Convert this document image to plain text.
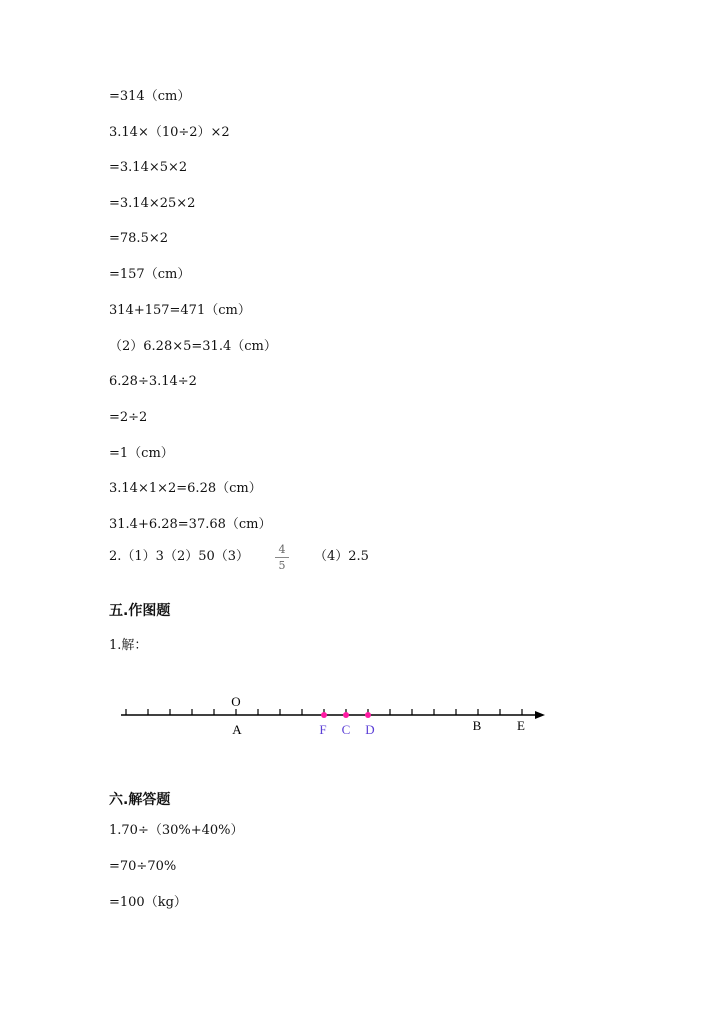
=314（cm）
3.14×（10÷2）×2
=3.14×5×2
=3.14×25×2
=78.5×2
=157（cm）
314+157=471（cm）
（2）6.28×5=31.4（cm）
6.28÷3.14÷2
=2÷2
=1（cm）
3.14×1×2=6.28（cm）
31.4+6.28=37.68（cm）
2.（1）3（2）50（3）	4
5
（4）2.5
五.作图题
1.解：
O
A	F C D	B	E
六.解答题
1.70÷（30%+40%）
=70÷70%
=100（kg）
